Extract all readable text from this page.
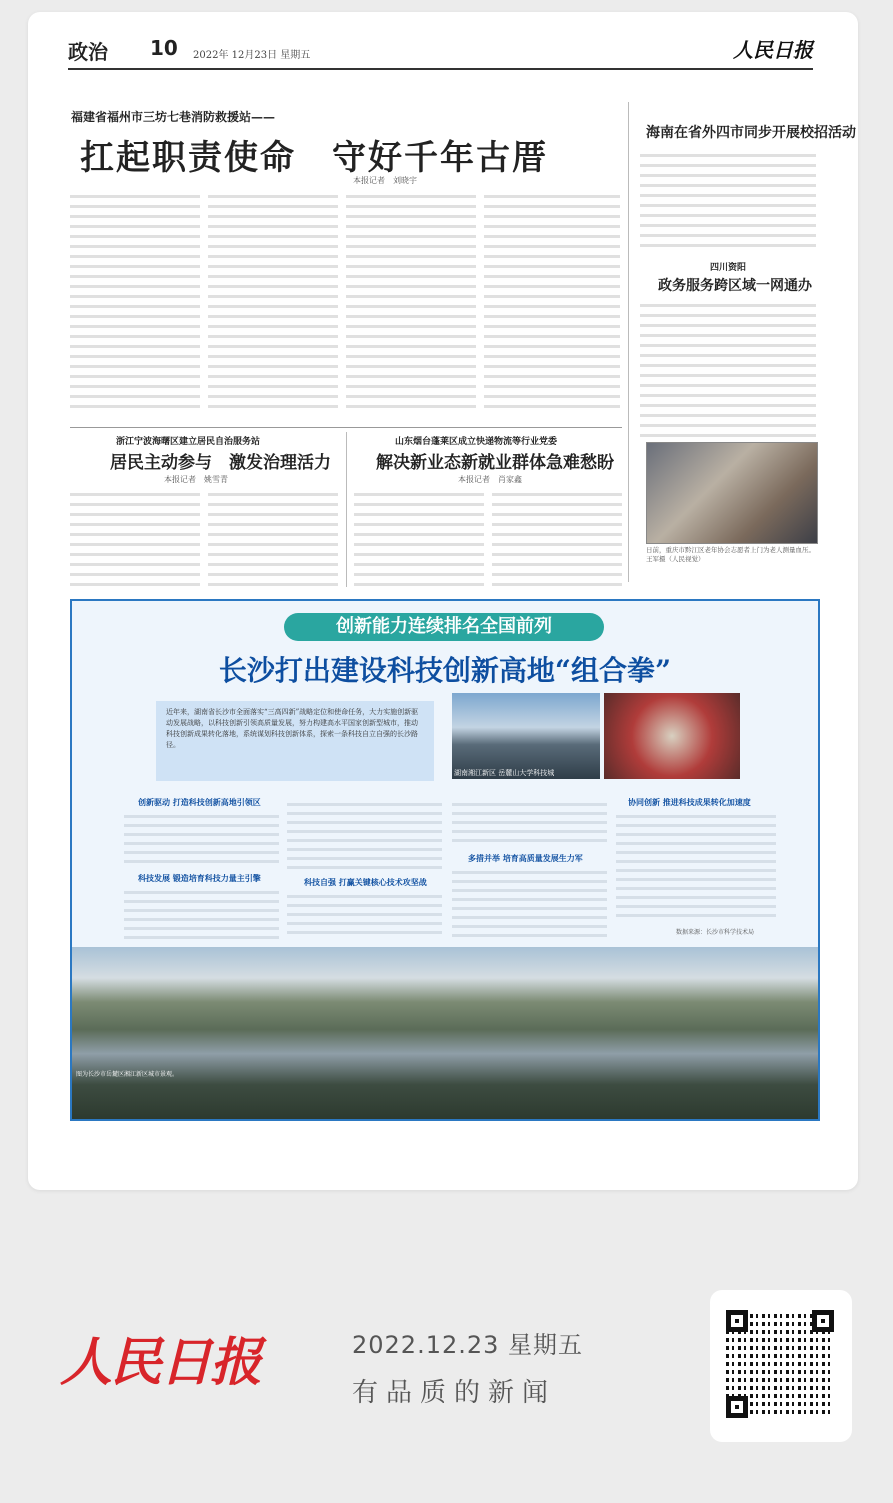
政治 10 2022年 12月23日 星期五	人民日报
福建省福州市三坊七巷消防救援站——
扛起职责使命　守好千年古厝
本报记者　刘晓宇
海南在省外四市同步开展校招活动
四川资阳
政务服务跨区域一网通办
日前，重庆市黔江区老年协会志愿者上门为老人测量血压。王军摄（人民视觉）
浙江宁波海曙区建立居民自治服务站
居民主动参与　激发治理活力
本报记者　姚雪青
山东烟台蓬莱区成立快递物流等行业党委
解决新业态新就业群体急难愁盼
本报记者　肖家鑫
创新能力连续排名全国前列
长沙打出建设科技创新高地“组合拳”
近年来，湖南省长沙市全面落实“三高四新”战略定位和使命任务，大力实施创新驱动发展战略，以科技创新引领高质量发展，努力构建高水平国家创新型城市，推动科技创新成果转化落地，系统谋划科技创新体系，探索一条科技自立自强的长沙路径。
湖南湘江新区 岳麓山大学科技城
创新驱动 打造科技创新高地引领区
科技发展 锻造培育科技力量主引擎	科技自强 打赢关键核心技术攻坚战
多措并举 培育高质量发展生力军
协同创新 推进科技成果转化加速度
数据来源：长沙市科学技术局
图为长沙市岳麓区湘江新区城市景观。
人民日报	2022.12.23 星期五
有品质的新闻
